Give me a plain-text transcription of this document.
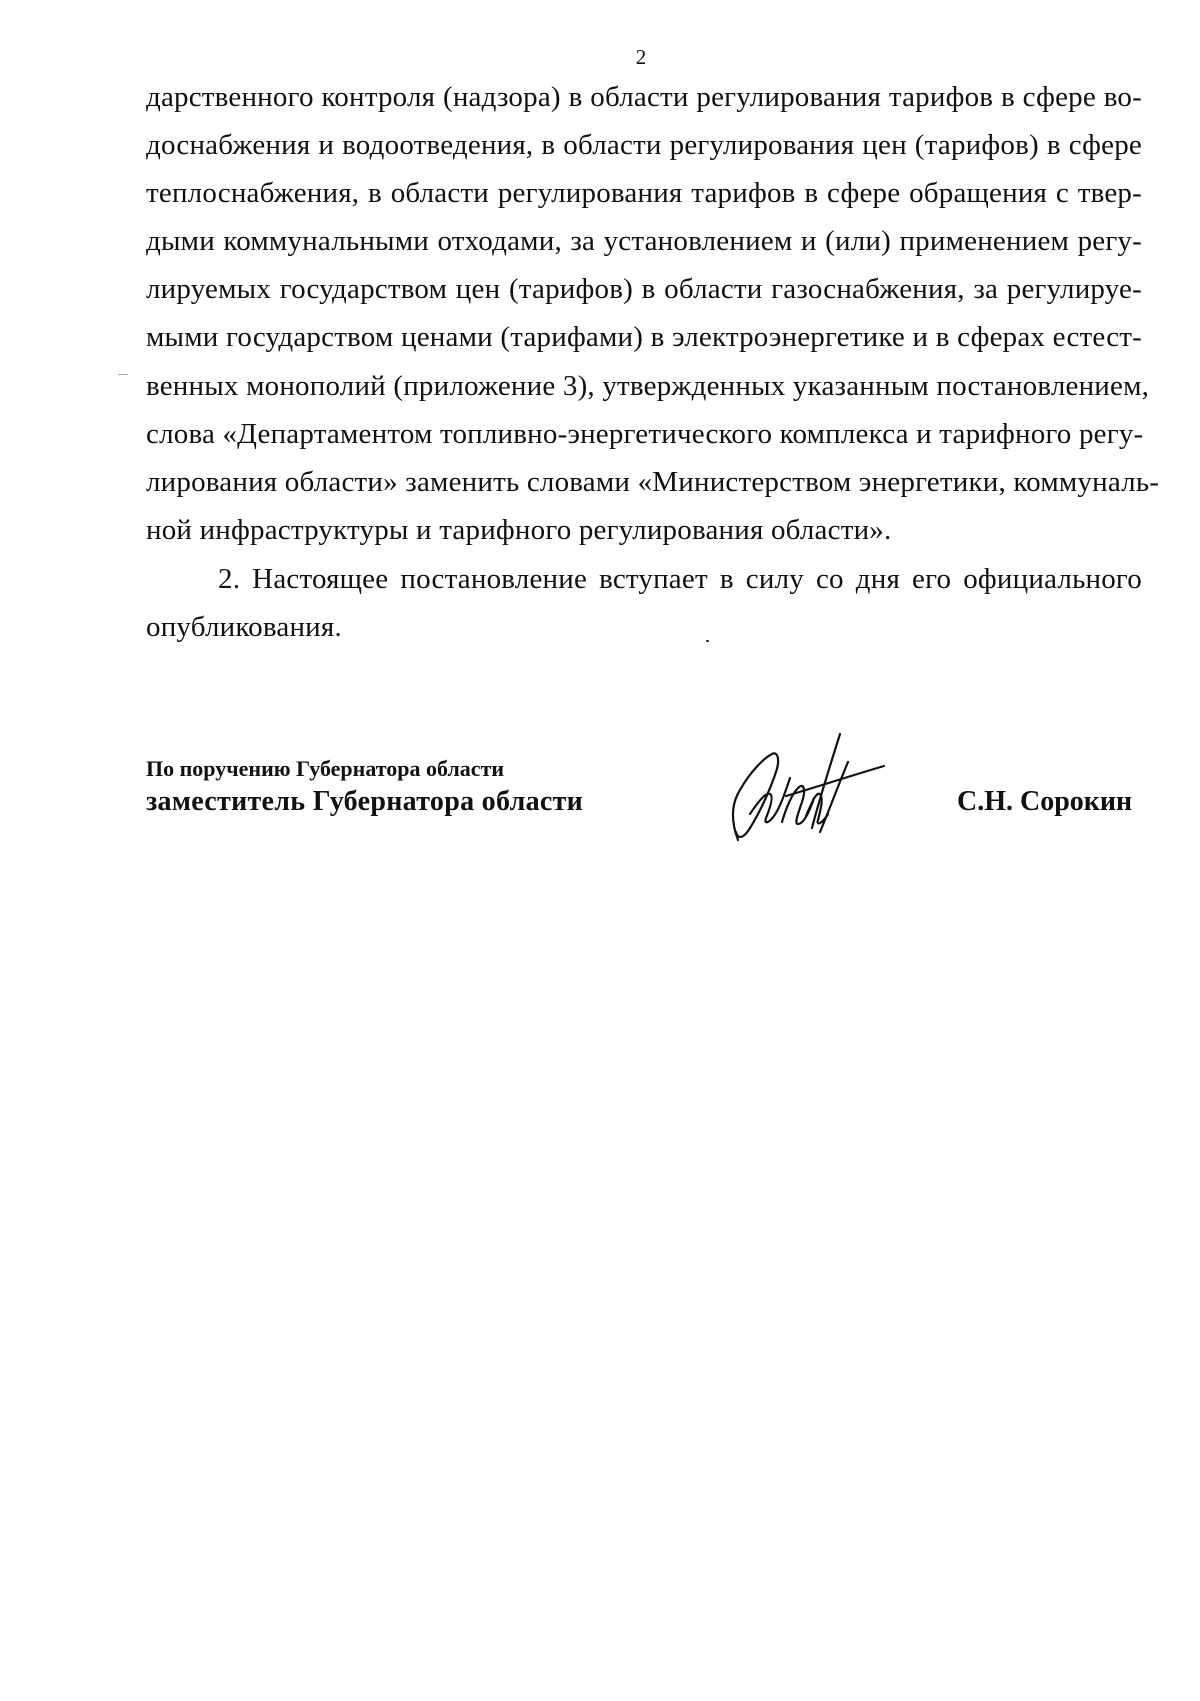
2
дарственного контроля (надзора) в области регулирования тарифов в сфере во-
доснабжения и водоотведения, в области регулирования цен (тарифов) в сфере
теплоснабжения, в области регулирования тарифов в сфере обращения с твер-
дыми коммунальными отходами, за установлением и (или) применением регу-
лируемых государством цен (тарифов) в области газоснабжения, за регулируе-
мыми государством ценами (тарифами) в электроэнергетике и в сферах естест-
венных монополий (приложение 3), утвержденных указанным постановлением,
слова «Департаментом топливно-энергетического комплекса и тарифного регу-
лирования области» заменить словами «Министерством энергетики, коммуналь-
ной инфраструктуры и тарифного регулирования области».
2. Настоящее постановление вступает в силу со дня его официального
опубликования.
По поручению Губернатора области
заместитель Губернатора области	С.Н. Сорокин
